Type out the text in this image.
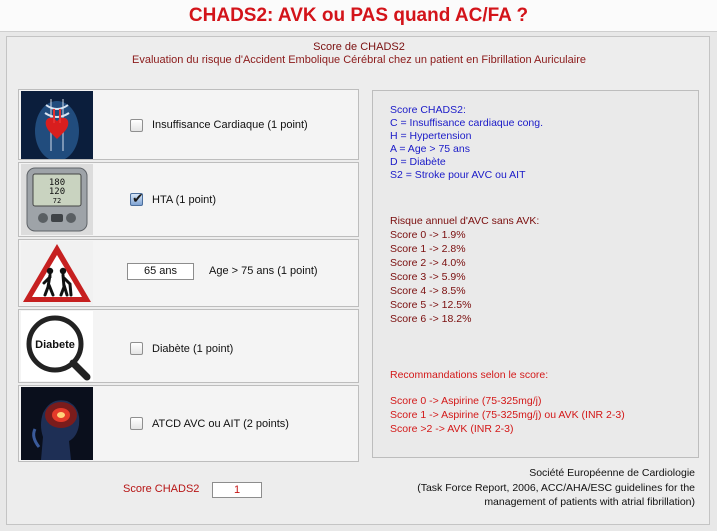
CHADS2: AVK ou PAS quand AC/FA ?
Score de CHADS2
Evaluation du risque d'Accident Embolique Cérébral chez un patient en Fibrillation Auriculaire
Insuffisance Cardiaque (1 point)
180
120
72	✔ HTA (1 point)
65 ans	Age > 75 ans (1 point)
Diabete	Diabète (1 point)
ATCD AVC ou AIT (2 points)
Score CHADS2:
C = Insuffisance cardiaque cong.
H = Hypertension
A = Age > 75 ans
D = Diabète
S2 = Stroke pour AVC ou AIT
Risque annuel d'AVC sans AVK:
Score 0 -> 1.9%
Score 1 -> 2.8%
Score 2 -> 4.0%
Score 3 -> 5.9%
Score 4 -> 8.5%
Score 5 -> 12.5%
Score 6 -> 18.2%
Recommandations selon le score:
Score 0 -> Aspirine (75-325mg/j)
Score 1 -> Aspirine (75-325mg/j) ou AVK (INR 2-3)
Score >2 -> AVK (INR 2-3)
Score CHADS2	1
Société Européenne de Cardiologie
(Task Force Report, 2006, ACC/AHA/ESC guidelines for the
management of patients with atrial fibrillation)
